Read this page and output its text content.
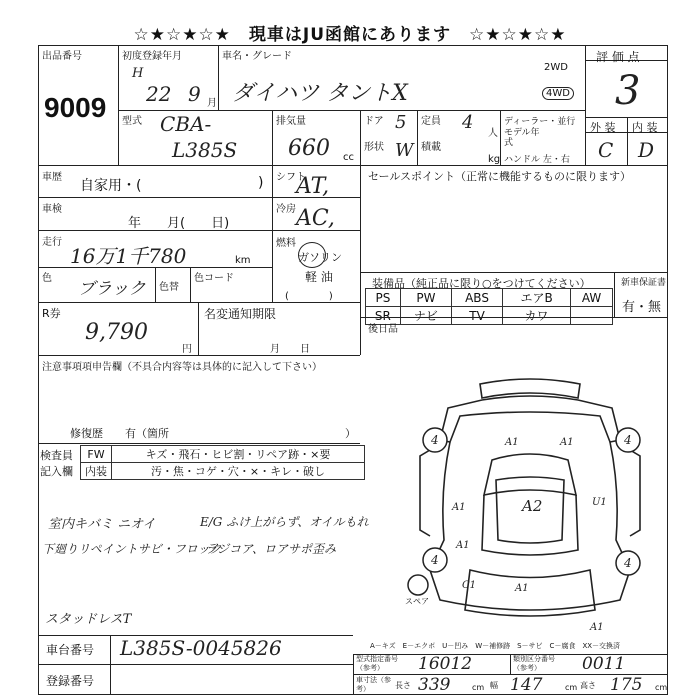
☆★☆★☆★　現車はJU函館にあります　☆★☆★☆★
出品番号
9009
初度登録年月
H
22 9 月
車名・グレード
ダイハツ タントX
2WD
4WD
評 価 点
3
型式 CBA-
L385S
排気量
660 cc
ドア 5
形状 W
定員 4
人
積載
kg
ディーラー・並行
モデル年式
ハンドル 左・右
外 装 内 装
C D
車歴
自家用・(	)
車検
年　　月(　　日)
走行
16万1千780	km
色
ブラック 色替
色コード
シフト
AT,
冷房 AC,
燃料
ガソリン
軽 油
(　　　　)
R券
9,790
円
名変通知期限
月　　日
セールスポイント（正常に機能するものに限ります）
装備品（純正品に限り○をつけてください）	新車保証書
有・無
PS	PW	ABS	エアB	AW
SR	ナビ	TV	カワ	
後日品
注意事項項申告欄（不具合内容等は具体的に記入して下さい）
修復歴　　有（箇所　　　　　　　　　　　　　　　　）
検査員
記入欄
FW	キズ・飛石・ヒビ割・リペア跡・×要
内装	汚・焦・コゲ・穴・×・キレ・破し
室内キバミ ニオイ
下廻りリペイントサビ・フロック
E/G ふけ上がらず、オイルもれ
ラジコア、ロアサポ歪み
スタッドレスT
4	4
4	4
スペア
A1	A1
A2	U1
A1
A1
C1	A1
A1
A－キズ　E－エクボ　U－凹み　W－補修跡　S－サビ　C－腐食　XX－交換済
車台番号 L385S-0045826
登録番号
型式指定番号（参考）	16012	類別区分番号（参考）	0011
車寸法（参考）	長さ 339	cm 幅 147	cm 高さ 175 cm
